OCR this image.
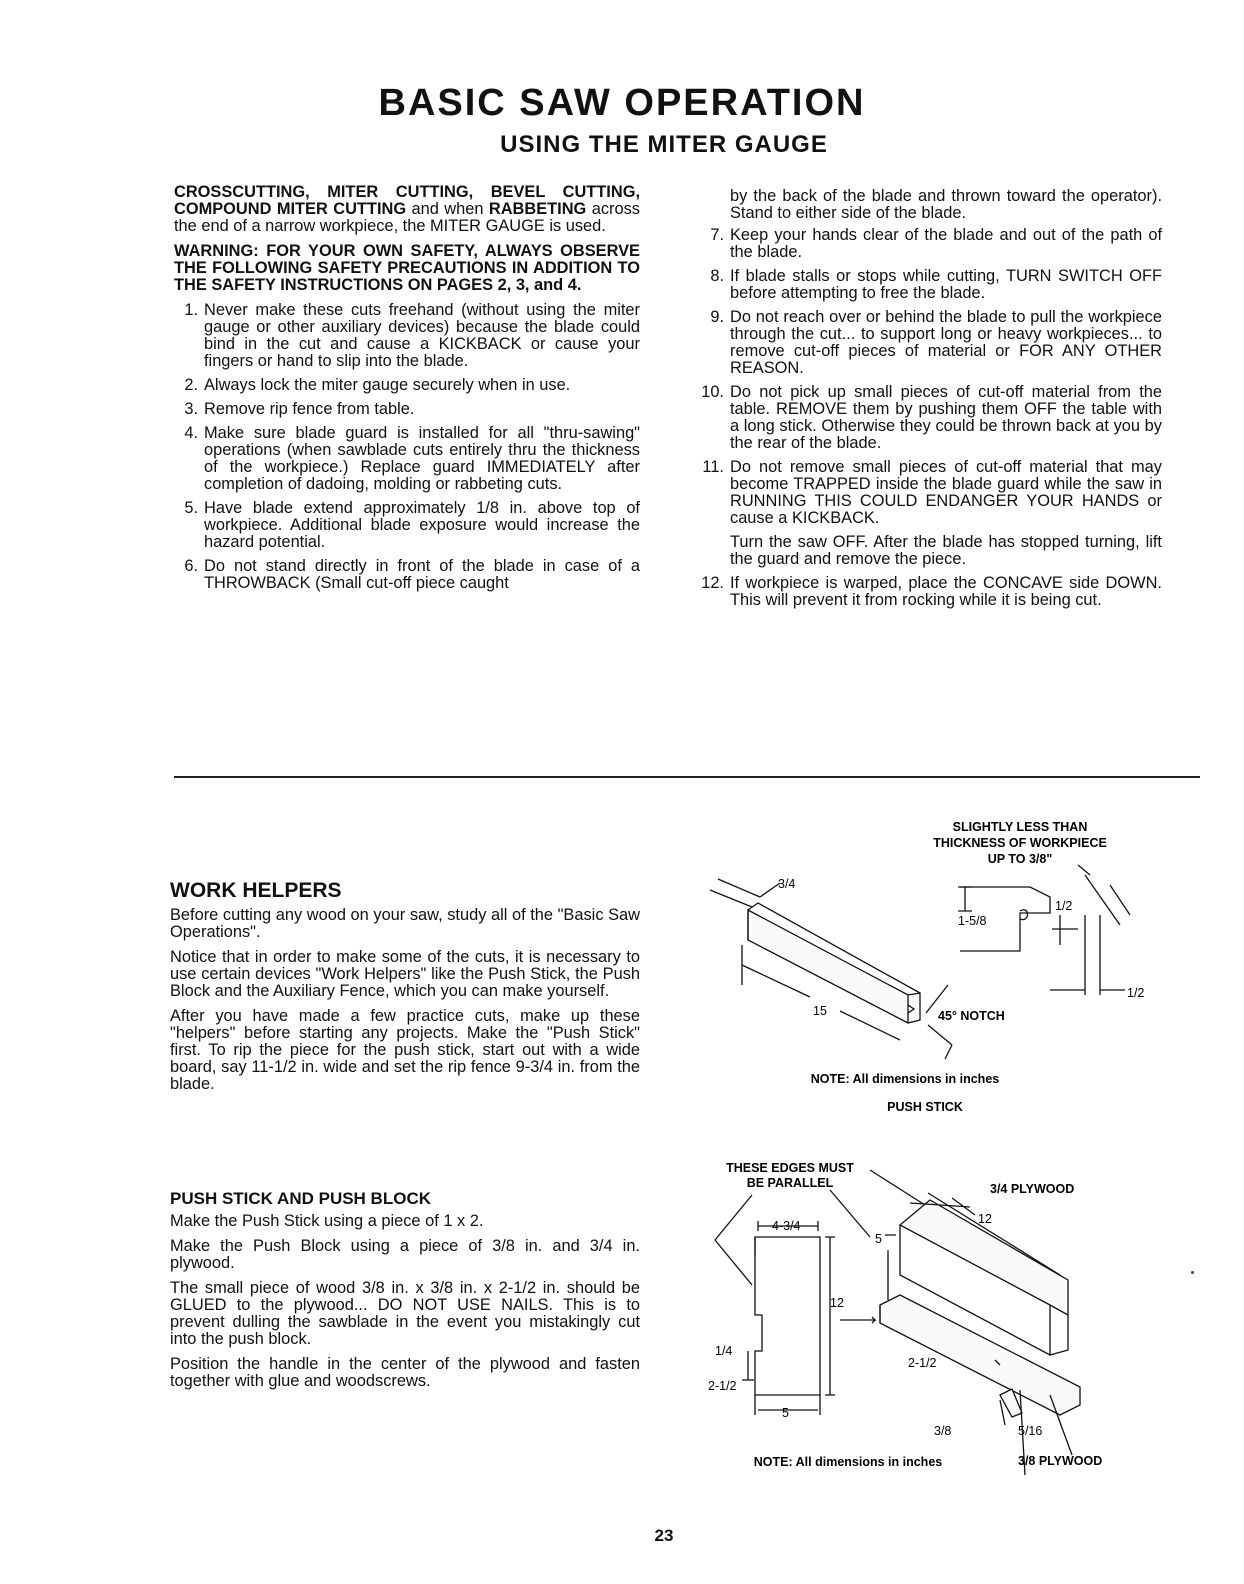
BASIC SAW OPERATION
USING THE MITER GAUGE

CROSSCUTTING, MITER CUTTING, BEVEL CUTTING, COMPOUND MITER CUTTING and when RABBETING across the end of a narrow workpiece, the MITER GAUGE is used.

WARNING: FOR YOUR OWN SAFETY, ALWAYS OBSERVE THE FOLLOWING SAFETY PRECAUTIONS IN ADDITION TO THE SAFETY INSTRUCTIONS ON PAGES 2, 3, and 4.

1. Never make these cuts freehand (without using the miter gauge or other auxiliary devices) because the blade could bind in the cut and cause a KICKBACK or cause your fingers or hand to slip into the blade.
2. Always lock the miter gauge securely when in use.
3. Remove rip fence from table.
4. Make sure blade guard is installed for all "thru-sawing" operations (when sawblade cuts entirely thru the thickness of the workpiece.) Replace guard IMMEDIATELY after completion of dadoing, molding or rabbeting cuts.
5. Have blade extend approximately 1/8 in. above top of workpiece. Additional blade exposure would increase the hazard potential.
6. Do not stand directly in front of the blade in case of a THROWBACK (Small cut-off piece caught

by the back of the blade and thrown toward the operator). Stand to either side of the blade.

7. Keep your hands clear of the blade and out of the path of the blade.
8. If blade stalls or stops while cutting, TURN SWITCH OFF before attempting to free the blade.
9. Do not reach over or behind the blade to pull the workpiece through the cut... to support long or heavy workpieces... to remove cut-off pieces of material or FOR ANY OTHER REASON.
10. Do not pick up small pieces of cut-off material from the table. REMOVE them by pushing them OFF the table with a long stick. Otherwise they could be thrown back at you by the rear of the blade.
11. Do not remove small pieces of cut-off material that may become TRAPPED inside the blade guard while the saw in RUNNING THIS COULD ENDANGER YOUR HANDS or cause a KICKBACK.

Turn the saw OFF. After the blade has stopped turning, lift the guard and remove the piece.

12. If workpiece is warped, place the CONCAVE side DOWN. This will prevent it from rocking while it is being cut.
WORK HELPERS

Before cutting any wood on your saw, study all of the "Basic Saw Operations".

Notice that in order to make some of the cuts, it is necessary to use certain devices "Work Helpers" like the Push Stick, the Push Block and the Auxiliary Fence, which you can make yourself.

After you have made a few practice cuts, make up these "helpers" before starting any projects. Make the "Push Stick" first. To rip the piece for the push stick, start out with a wide board, say 11-1/2 in. wide and set the rip fence 9-3/4 in. from the blade.

PUSH STICK AND PUSH BLOCK

Make the Push Stick using a piece of 1 x 2.

Make the Push Block using a piece of 3/8 in. and 3/4 in. plywood.

The small piece of wood 3/8 in. x 3/8 in. x 2-1/2 in. should be GLUED to the plywood... DO NOT USE NAILS. This is to prevent dulling the sawblade in the event you mistakingly cut into the push block.

Position the handle in the center of the plywood and fasten together with glue and woodscrews.

SLIGHTLY LESS THAN
THICKNESS OF WORKPIECE
UP TO 3/8"
3/4
15
1-5/8
1/2
1/2
45° NOTCH
NOTE: All dimensions in inches
PUSH STICK
THESE EDGES MUST
BE PARALLEL	3/4 PLYWOOD
4-3/4
5
12
12
1/4
2-1/2
5
2-1/2
3/8	5/16
NOTE: All dimensions in inches	3/8 PLYWOOD
23
